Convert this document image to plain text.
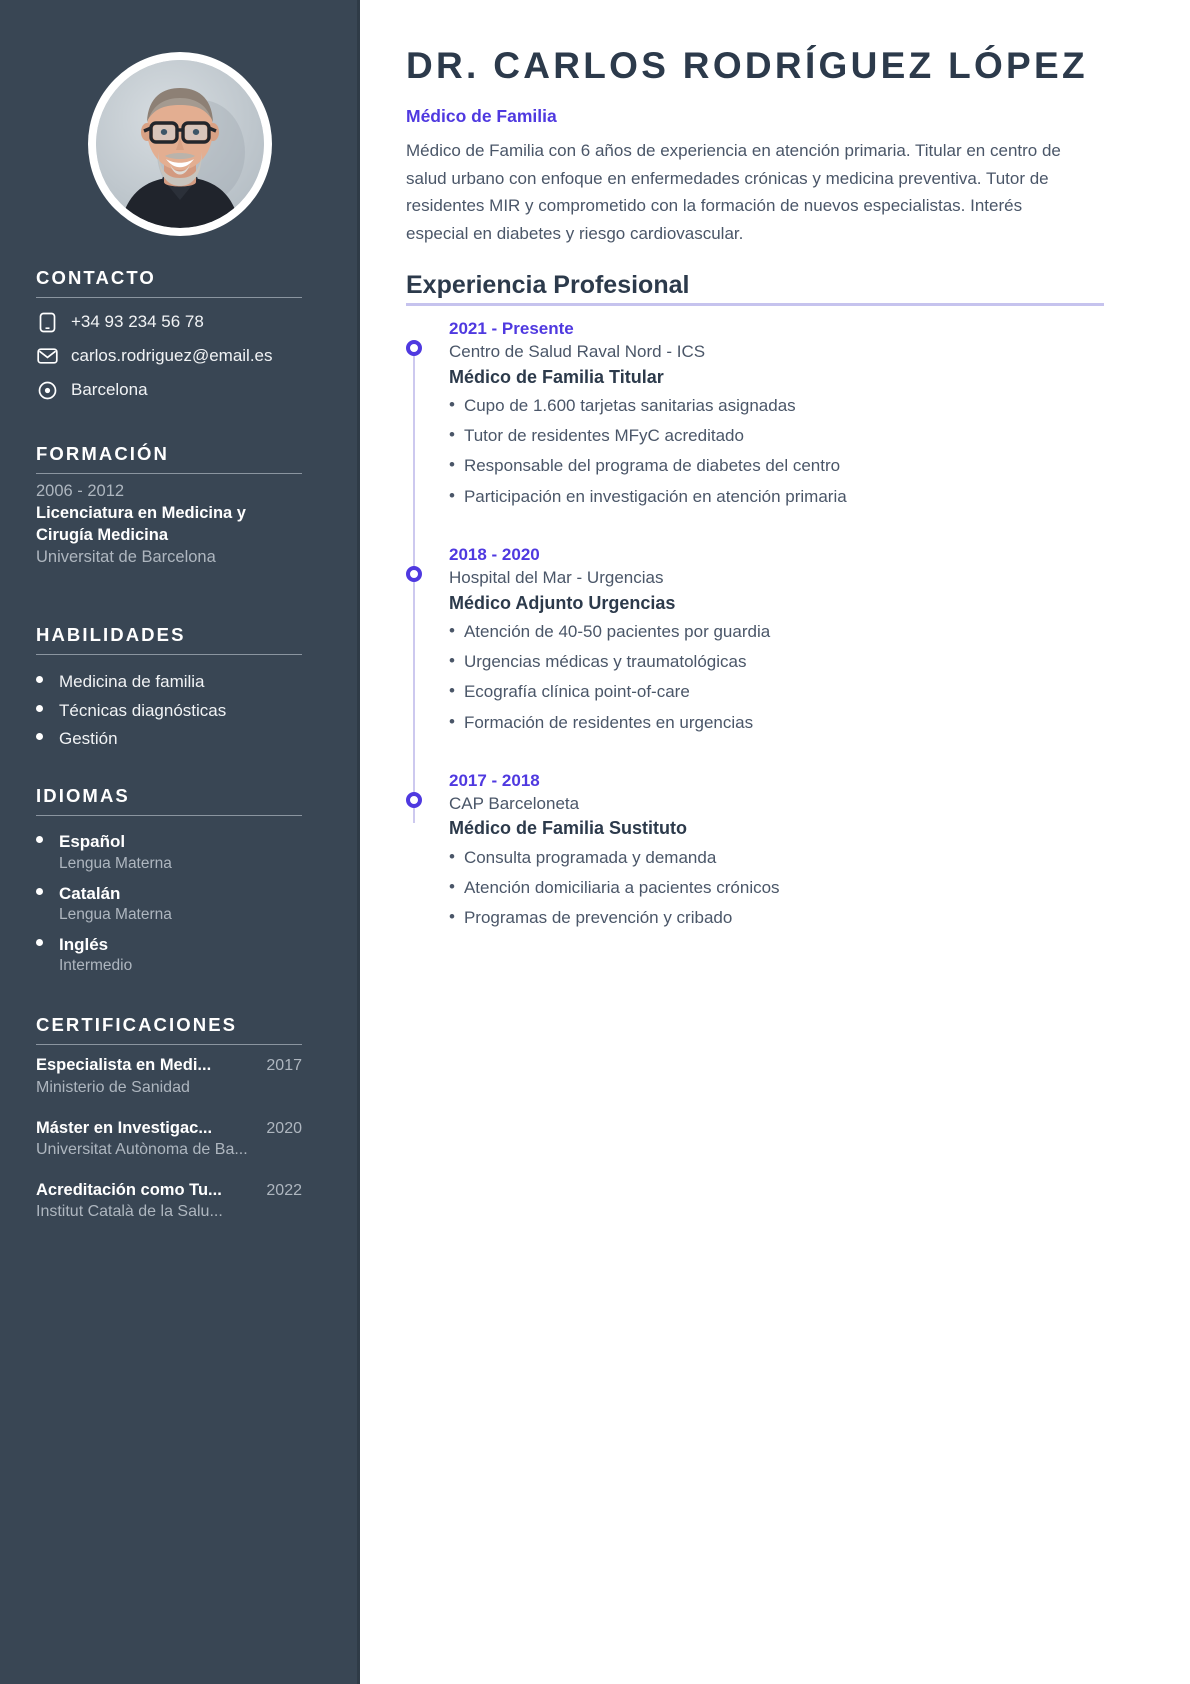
CONTACTO
+34 93 234 56 78
carlos.rodriguez@email.es
Barcelona
FORMACIÓN
2006 - 2012
Licenciatura en Medicina y Cirugía Medicina
Universitat de Barcelona
HABILIDADES
Medicina de familia
Técnicas diagnósticas
Gestión
IDIOMAS
Español
Lengua Materna
Catalán
Lengua Materna
Inglés
Intermedio
CERTIFICACIONES
Especialista en Medi...	2017
Ministerio de Sanidad
Máster en Investigac...	2020
Universitat Autònoma de Ba...
Acreditación como Tu...	2022
Institut Català de la Salu...
DR. CARLOS RODRÍGUEZ LÓPEZ
Médico de Familia
Médico de Familia con 6 años de experiencia en atención primaria. Titular en centro de salud urbano con enfoque en enfermedades crónicas y medicina preventiva. Tutor de residentes MIR y comprometido con la formación de nuevos especialistas. Interés especial en diabetes y riesgo cardiovascular.
Experiencia Profesional
2021 - Presente
Centro de Salud Raval Nord - ICS
Médico de Familia Titular
• Cupo de 1.600 tarjetas sanitarias asignadas
• Tutor de residentes MFyC acreditado
• Responsable del programa de diabetes del centro
• Participación en investigación en atención primaria
2018 - 2020
Hospital del Mar - Urgencias
Médico Adjunto Urgencias
• Atención de 40-50 pacientes por guardia
• Urgencias médicas y traumatológicas
• Ecografía clínica point-of-care
• Formación de residentes en urgencias
2017 - 2018
CAP Barceloneta
Médico de Familia Sustituto
• Consulta programada y demanda
• Atención domiciliaria a pacientes crónicos
• Programas de prevención y cribado
